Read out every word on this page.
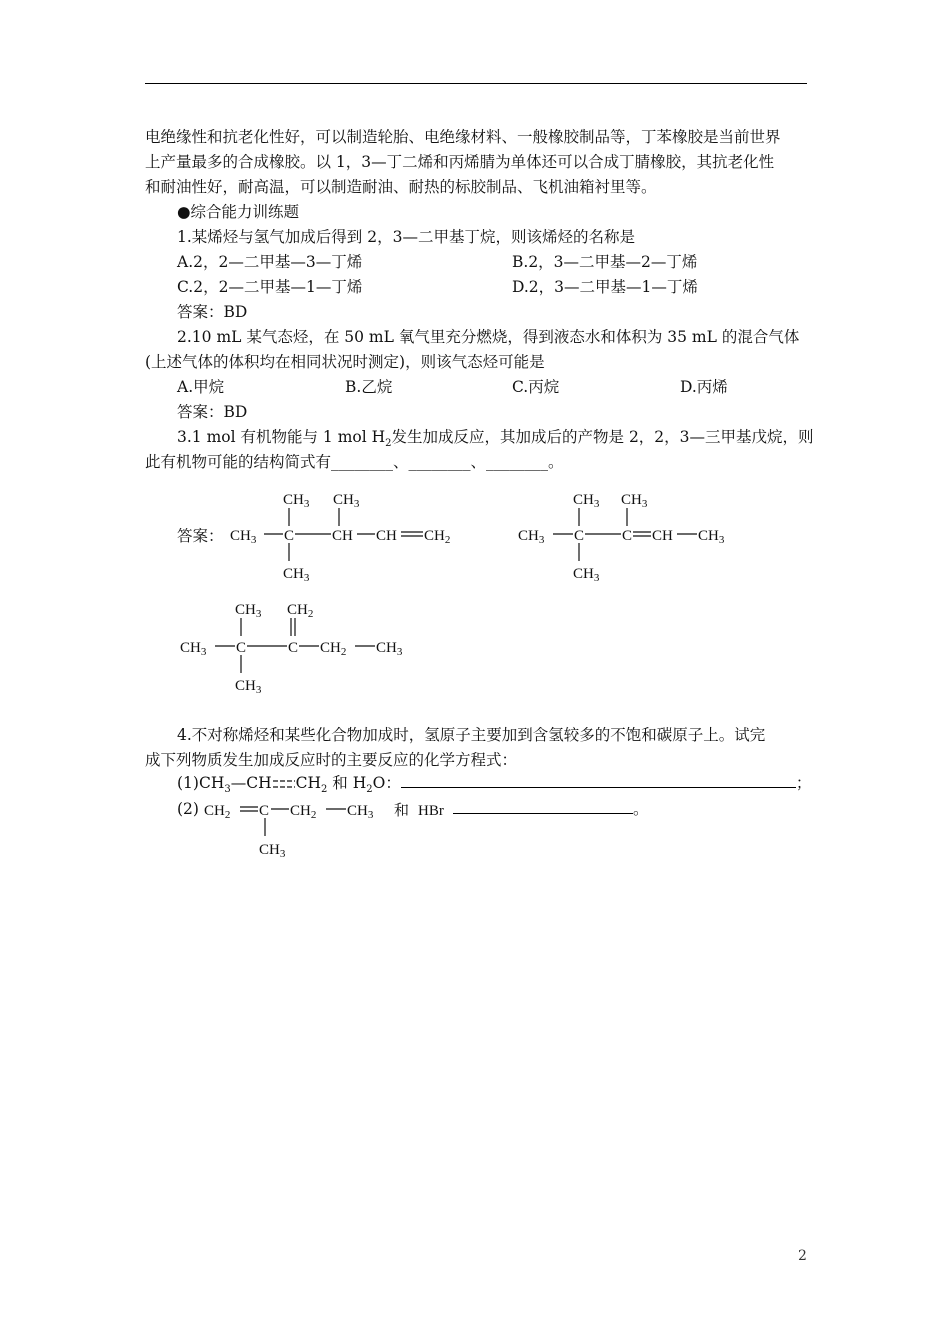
电绝缘性和抗老化性好，可以制造轮胎、电绝缘材料、一般橡胶制品等，丁苯橡胶是当前世界
上产量最多的合成橡胶。以 1，3—丁二烯和丙烯腈为单体还可以合成丁腈橡胶，其抗老化性
和耐油性好，耐高温，可以制造耐油、耐热的标胶制品、飞机油箱衬里等。
●综合能力训练题
1.某烯烃与氢气加成后得到 2，3—二甲基丁烷，则该烯烃的名称是
A.2，2—二甲基—3—丁烯	B.2，3—二甲基—2—丁烯
C.2，2—二甲基—1—丁烯	D.2，3—二甲基—1—丁烯
答案：BD
2.10 mL 某气态烃，在 50 mL 氧气里充分燃烧，得到液态水和体积为 35 mL 的混合气体
(上述气体的体积均在相同状况时测定)，则该气态烃可能是
A.甲烷	B.乙烷	C.丙烷	D.丙烯
答案：BD
3.1 mol 有机物能与 1 mol $H_2$发生加成反应，其加成后的产物是 2，2，3—三甲基戊烷，则
此有机物可能的结构简式有________、________、________。
答案：
$CH_3$ $CH_3$
$CH_3$ C	CH CH $CH_2$
$CH_3$
$CH_3$ $CH_3$
$CH_3$ C	C CH $CH_3$
$CH_3$
$CH_3$ $CH_2$
$CH_3$ C	C $CH_2$ $CH_3$
$CH_3$
4.不对称烯烃和某些化合物加成时，氢原子主要加到含氢较多的不饱和碳原子上。试完
成下列物质发生加成反应时的主要反应的化学方程式：
$(1)CH_3—CH$ $CH_2$ 和 $H_2O$：	；
(2) $CH_2$ C $CH_2$ $CH_3$ 和 HBr
$CH_3$
。
2
